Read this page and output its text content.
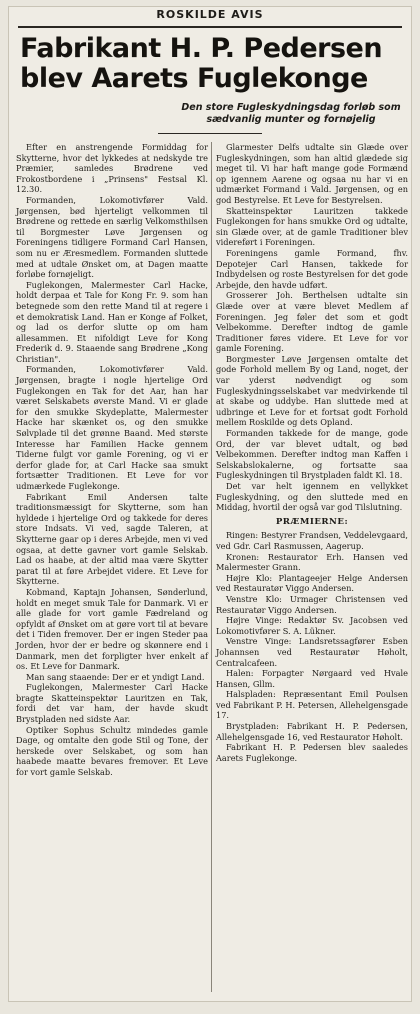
ROSKILDE AVIS
Fabrikant H. P. Pedersen blev Aarets Fuglekonge
Den store Fugleskydningsdag forløb som sædvanlig munter og fornøjelig

Efter en anstrengende Formiddag for Skytterne, hvor det lykkedes at nedskyde tre Præmier, samledes Brødrene ved Frokostbordene i „Prinsens" Festsal Kl. 12.30.

Formanden, Lokomotivfører Vald. Jørgensen, bød hjerteligt velkommen til Brødrene og rettede en særlig Velkomsthilsen til Borgmester Løve Jørgensen og Foreningens tidligere Formand Carl Hansen, som nu er Æresmedlem. Formanden sluttede med at udtale Ønsket om, at Dagen maatte forløbe fornøjeligt.

Fuglekongen, Malermester Carl Hacke, holdt derpaa et Tale for Kong Fr. 9. som han betegnede som den rette Mand til at regere i et demokratisk Land. Han er Konge af Folket, og lad os derfor slutte op om ham allesammen. Et nifoldigt Leve for Kong Frederik d. 9. Staaende sang Brødrene „Kong Christian".

Formanden, Lokomotivfører Vald. Jørgensen, bragte i nogle hjertelige Ord Fuglekongen en Tak for det Aar, han har været Selskabets øverste Mand. Vi er glade for den smukke Skydeplatte, Malermester Hacke har skænket os, og den smukke Sølvplade til det grønne Baand. Med største Interesse har Familien Hacke gennem Tiderne fulgt vor gamle Forening, og vi er derfor glade for, at Carl Hacke saa smukt fortsætter Traditionen. Et Leve for vor udmærkede Fuglekonge.

Fabrikant Emil Andersen talte traditionsmæssigt for Skytterne, som han hyldede i hjertelige Ord og takkede for deres store Indsats. Vi ved, sagde Taleren, at Skytterne gaar op i deres Arbejde, men vi ved ogsaa, at dette gavner vort gamle Selskab. Lad os haabe, at der altid maa være Skytter parat til at føre Arbejdet videre. Et Leve for Skytterne.

Kobmand, Kaptajn Johansen, Sønderlund, holdt en meget smuk Tale for Danmark. Vi er alle glade for vort gamle Fædreland og opfyldt af Ønsket om at gøre vort til at bevare det i Tiden fremover. Der er ingen Steder paa Jorden, hvor der er bedre og skønnere end i Danmark, men det forpligter hver enkelt af os. Et Leve for Danmark.

Man sang staaende: Der er et yndigt Land.

Fuglekongen, Malermester Carl Hacke bragte Skatteinspektør Lauritzen en Tak, fordi det var ham, der havde skudt Brystpladen ned sidste Aar.

Optiker Sophus Schultz mindedes gamle Dage, og omtalte den gode Stil og Tone, der herskede over Selskabet, og som han haabede maatte bevares fremover. Et Leve for vort gamle Selskab.

Glarmester Delfs udtalte sin Glæde over Fugleskydningen, som han altid glædede sig meget til. Vi har haft mange gode Formænd op igennem Aarene og ogsaa nu har vi en udmærket Formand i Vald. Jørgensen, og en god Bestyrelse. Et Leve for Bestyrelsen.

Skatteinspektør Lauritzen takkede Fuglekongen for hans smukke Ord og udtalte, sin Glæde over, at de gamle Traditioner blev videreført i Foreningen.

Foreningens gamle Formand, fhv. Depotejer Carl Hansen, takkede for Indbydelsen og roste Bestyrelsen for det gode Arbejde, den havde udført.

Grosserer Joh. Berthelsen udtalte sin Glæde over at være blevet Medlem af Foreningen. Jeg føler det som et godt Velbekomme. Derefter indtog de gamle Traditioner føres videre. Et Leve for vor gamle Forening.

Borgmester Løve Jørgensen omtalte det gode Forhold mellem By og Land, noget, der var yderst nødvendigt og som Fugleskydningsselskabet var medvirkende til at skabe og uddybe. Han sluttede med at udbringe et Leve for et fortsat godt Forhold mellem Roskilde og dets Opland.

Formanden takkede for de mange, gode Ord, der var blevet udtalt, og bød Velbekommen. Derefter indtog man Kaffen i Selskabslokalerne, og fortsatte saa Fugleskydningen til Brystpladen faldt Kl. 18.

Det var helt igennem en vellykket Fugleskydning, og den sluttede med en Middag, hvortil der også var god Tilslutning.

PRÆMIERNE:

Ringen: Bestyrer Frandsen, Veddelevgaard, ved Gdr. Carl Rasmussen, Aagerup.

Kronen: Restaurator Erh. Hansen ved Malermester Grann.

Højre Klo: Plantageejer Helge Andersen ved Restauratør Viggo Andersen.

Venstre Klo: Urmager Christensen ved Restauratør Viggo Andersen.

Højre Vinge: Redaktør Sv. Jacobsen ved Lokomotivfører S. A. Lükner.

Venstre Vinge: Landsretssagfører Esben Johannsen ved Restauratør Høholt, Centralcafeen.

Halen: Forpagter Nørgaard ved Hvale Hansen, Gllm.

Halspladen: Repræsentant Emil Poulsen ved Fabrikant P. H. Petersen, Allehelgensgade 17.

Brystpladen: Fabrikant H. P. Pedersen, Allehelgensgade 16, ved Restaurator Høholt.

Fabrikant H. P. Pedersen blev saaledes Aarets Fuglekonge.
